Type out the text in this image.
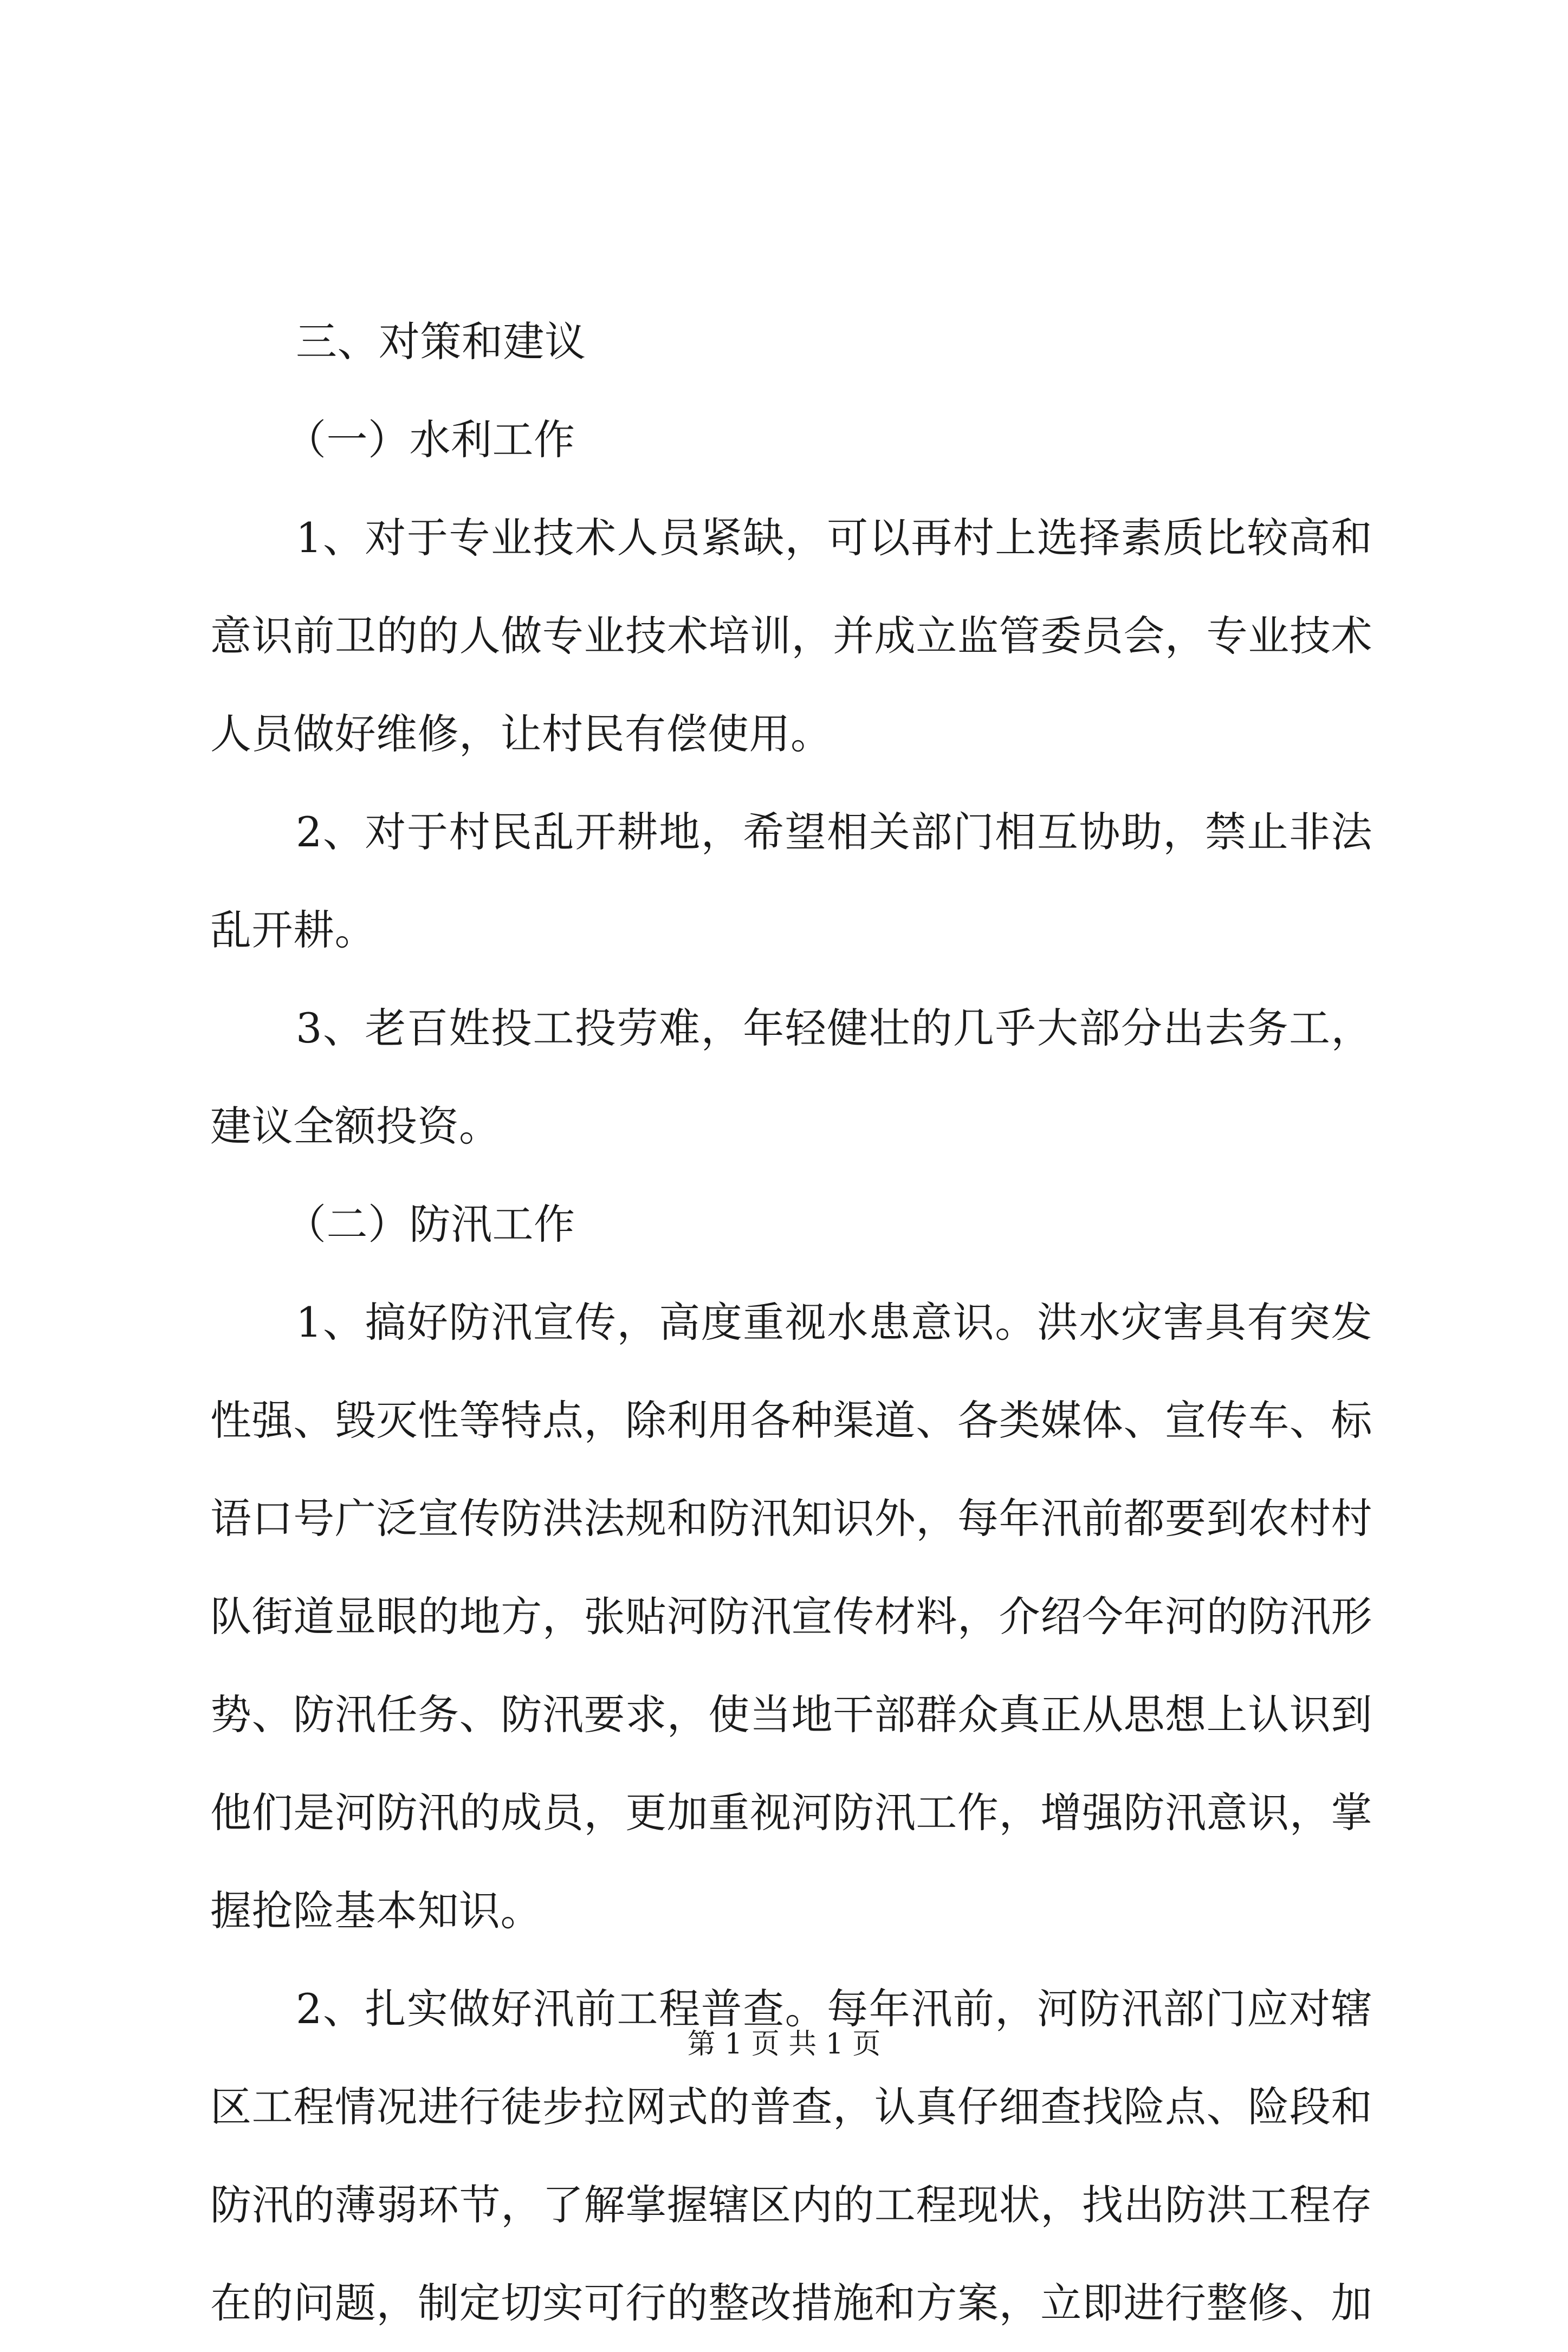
三、对策和建议
（一）水利工作
1、对于专业技术人员紧缺，可以再村上选择素质比较高和
意识前卫的的人做专业技术培训，并成立监管委员会，专业技术
人员做好维修，让村民有偿使用。
2、对于村民乱开耕地，希望相关部门相互协助，禁止非法
乱开耕。
3、老百姓投工投劳难，年轻健壮的几乎大部分出去务工，
建议全额投资。
（二）防汛工作
1、搞好防汛宣传，高度重视水患意识。洪水灾害具有突发
性强、毁灭性等特点，除利用各种渠道、各类媒体、宣传车、标
语口号广泛宣传防洪法规和防汛知识外，每年汛前都要到农村村
队街道显眼的地方，张贴河防汛宣传材料，介绍今年河的防汛形
势、防汛任务、防汛要求，使当地干部群众真正从思想上认识到
他们是河防汛的成员，更加重视河防汛工作，增强防汛意识，掌
握抢险基本知识。
2、扎实做好汛前工程普查。每年汛前，河防汛部门应对辖
区工程情况进行徒步拉网式的普查，认真仔细查找险点、险段和
防汛的薄弱环节，了解掌握辖区内的工程现状，找出防洪工程存
在的问题，制定切实可行的整改措施和方案，立即进行整修、加
第 1 页 共 1 页
